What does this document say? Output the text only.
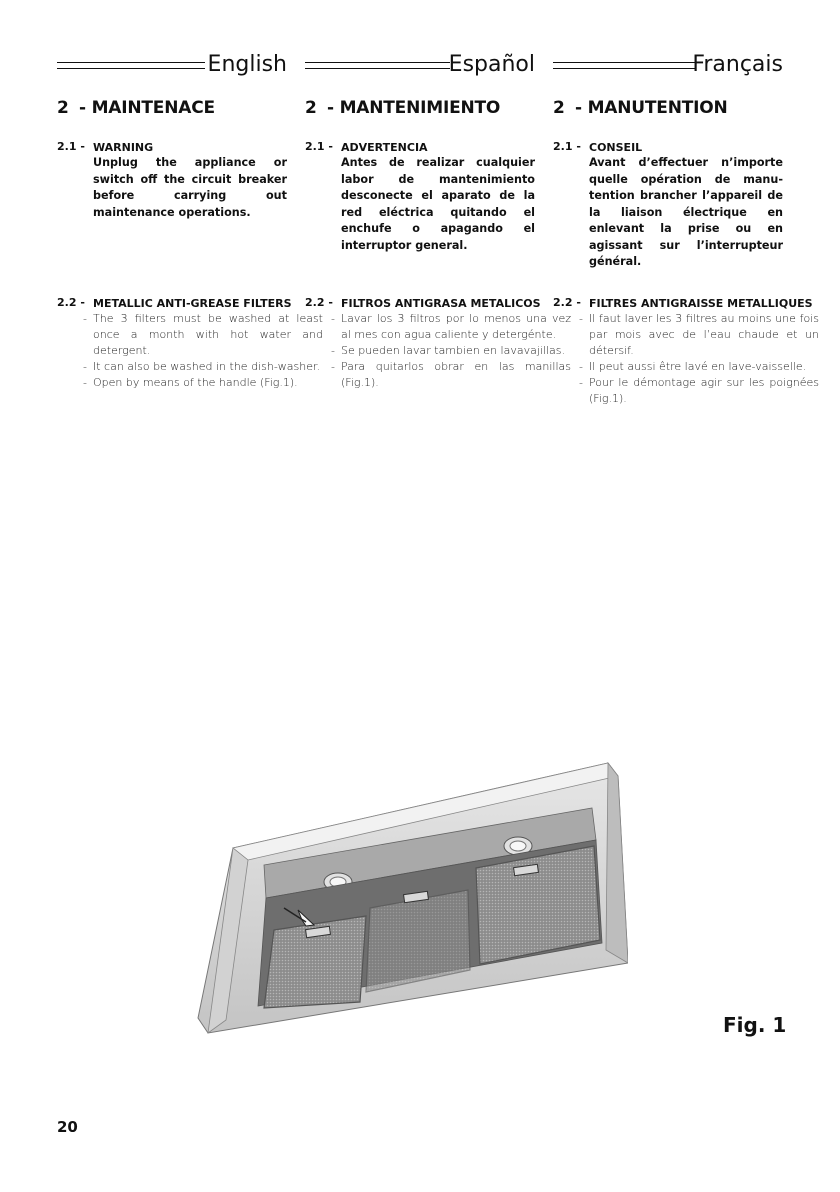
English
2 - MAINTENACE
2.1 - WARNING
Unplug the appliance or switch off the circuit breaker before carrying out maintenance operations.
2.2 - METALLIC ANTI-GREASE FILTERS
- The 3 filters must be washed at least once a month with hot water and detergent.
- It can also be washed in the dish-washer.
- Open by means of the handle (Fig.1).
Español
2 - MANTENIMIENTO
2.1 - ADVERTENCIA
Antes de realizar cualquier labor de mantenimiento desconecte el aparato de la red eléctrica quitando el enchufe o apagando el interruptor general.
2.2 - FILTROS ANTIGRASA METALICOS
- Lavar los 3 filtros por lo menos una vez al mes con agua caliente y detergénte.
- Se pueden lavar tambien en lavavajillas.
- Para quitarlos obrar en las manillas (Fig.1).
Français
2 - MANUTENTION
2.1 - CONSEIL
Avant d’effectuer n’importe quelle opération de manu-tention brancher l’appareil de la liaison électrique en enlevant la prise ou en agissant sur l’interrupteur général.
2.2 - FILTRES ANTIGRAISSE METALLIQUES
- Il faut laver les 3 filtres au moins une fois par mois avec de l’eau chaude et un détersif.
- Il peut aussi être lavé en lave-vaisselle.
- Pour le démontage agir sur les poignées (Fig.1).
Fig. 1
20
